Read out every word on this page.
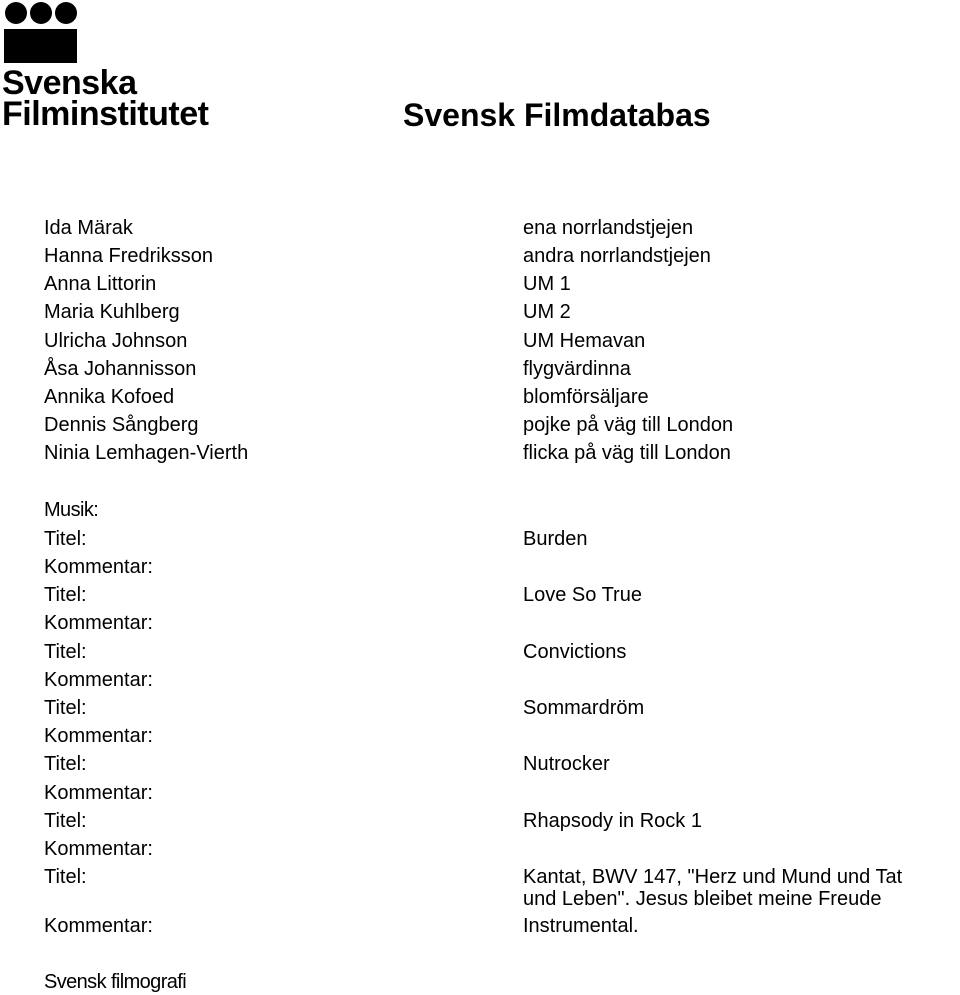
Svenska
Filminstitutet	Svensk Filmdatabas
Ida Märak	ena norrlandstjejen
Hanna Fredriksson	andra norrlandstjejen
Anna Littorin	UM 1
Maria Kuhlberg	UM 2
Ulricha Johnson	UM Hemavan
Åsa Johannisson	flygvärdinna
Annika Kofoed	blomförsäljare
Dennis Sångberg	pojke på väg till London
Ninia Lemhagen-Vierth	flicka på väg till London
Musik:
Titel:	Burden
Kommentar:
Titel:	Love So True
Kommentar:
Titel:	Convictions
Kommentar:
Titel:	Sommardröm
Kommentar:
Titel:	Nutrocker
Kommentar:
Titel:	Rhapsody in Rock 1
Kommentar:
Titel:	Kantat, BWV 147, "Herz und Mund und Tat
und Leben". Jesus bleibet meine Freude
Kommentar:	Instrumental.
Svensk filmografi
